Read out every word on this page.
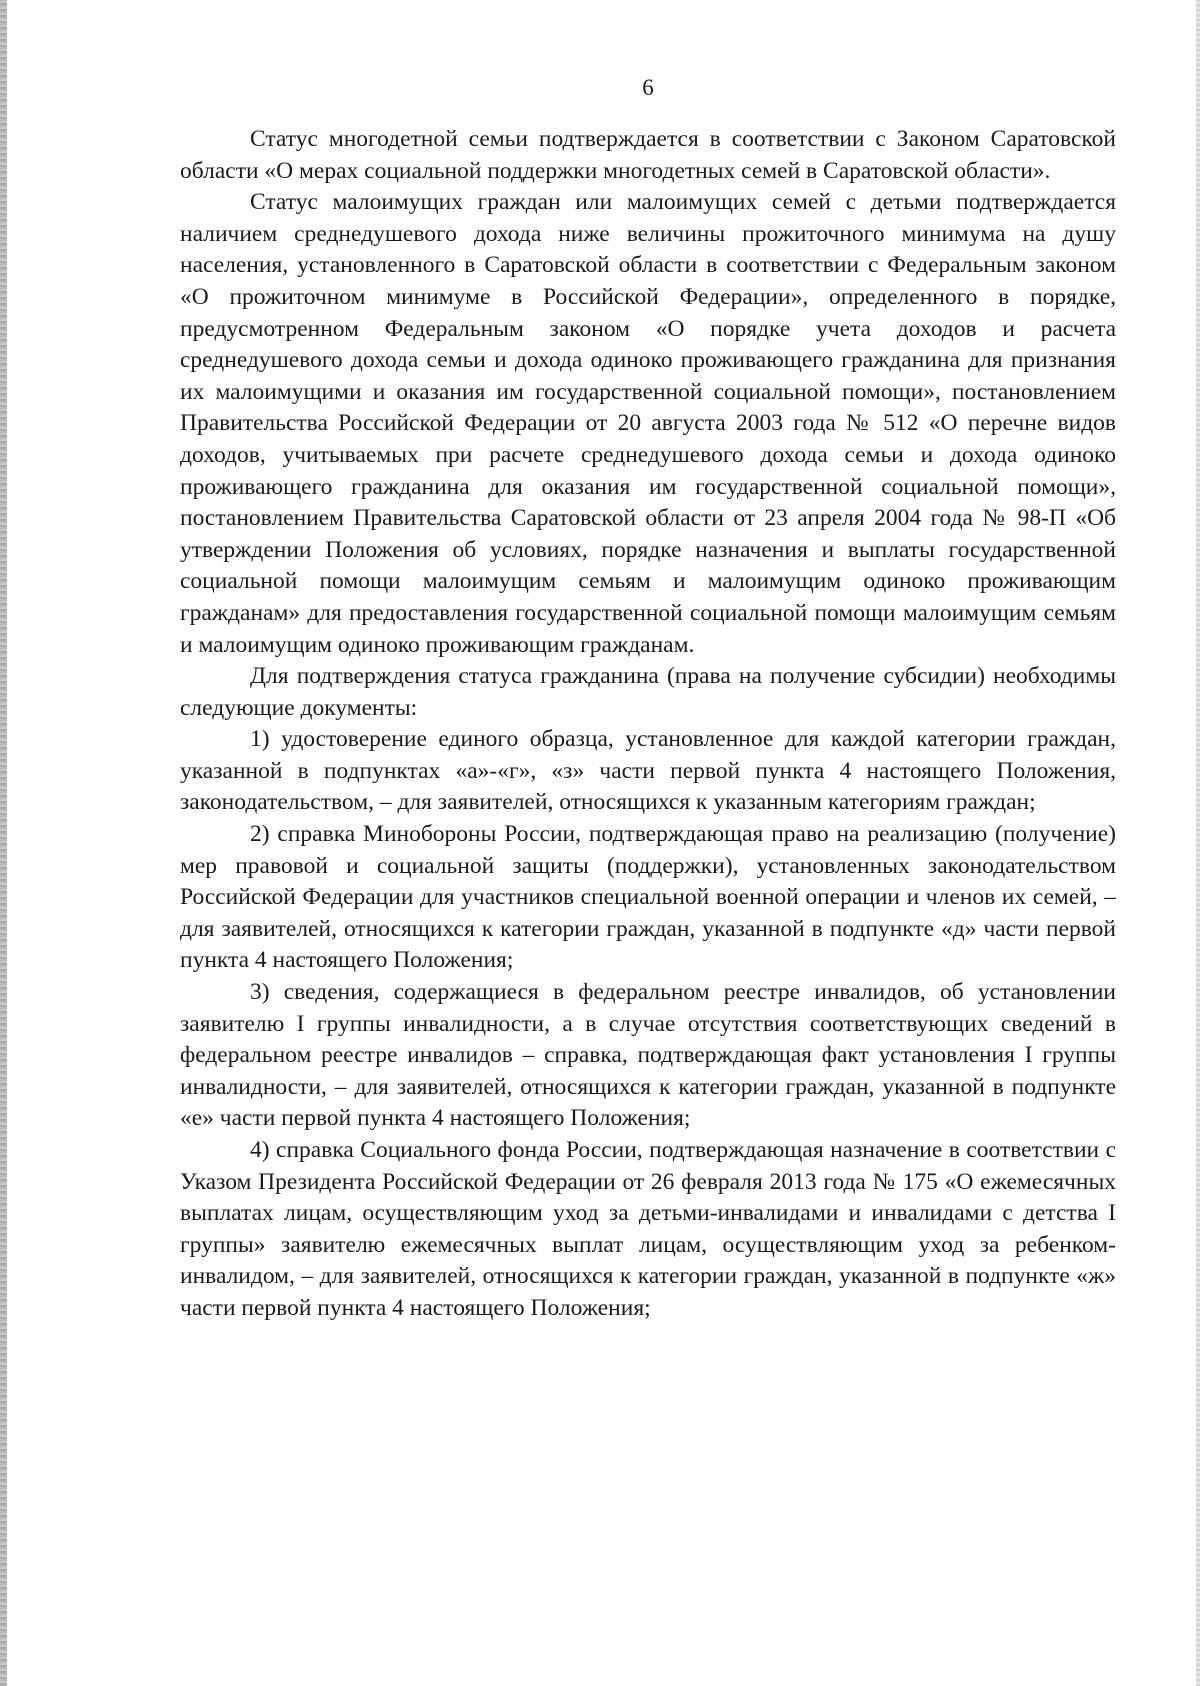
6

Статус многодетной семьи подтверждается в соответствии с Законом Саратовской области «О мерах социальной поддержки многодетных семей в Саратовской области».

Статус малоимущих граждан или малоимущих семей с детьми подтверждается наличием среднедушевого дохода ниже величины прожиточного минимума на душу населения, установленного в Саратовской области в соответствии с Федеральным законом «О прожиточном минимуме в Российской Федерации», определенного в порядке, предусмотренном Федеральным законом «О порядке учета доходов и расчета среднедушевого дохода семьи и дохода одиноко проживающего гражданина для признания их малоимущими и оказания им государственной социальной помощи», постановлением Правительства Российской Федерации от 20 августа 2003 года № 512 «О перечне видов доходов, учитываемых при расчете среднедушевого дохода семьи и дохода одиноко проживающего гражданина для оказания им государственной социальной помощи», постановлением Правительства Саратовской области от 23 апреля 2004 года № 98-П «Об утверждении Положения об условиях, порядке назначения и выплаты государственной социальной помощи малоимущим семьям и малоимущим одиноко проживающим гражданам» для предоставления государственной социальной помощи малоимущим семьям и малоимущим одиноко проживающим гражданам.

Для подтверждения статуса гражданина (права на получение субсидии) необходимы следующие документы:

1) удостоверение единого образца, установленное для каждой категории граждан, указанной в подпунктах «а»-«г», «з» части первой пункта 4 настоящего Положения, законодательством, – для заявителей, относящихся к указанным категориям граждан;

2) справка Минобороны России, подтверждающая право на реализацию (получение) мер правовой и социальной защиты (поддержки), установленных законодательством Российской Федерации для участников специальной военной операции и членов их семей, – для заявителей, относящихся к категории граждан, указанной в подпункте «д» части первой пункта 4 настоящего Положения;

3) сведения, содержащиеся в федеральном реестре инвалидов, об установлении заявителю I группы инвалидности, а в случае отсутствия соответствующих сведений в федеральном реестре инвалидов – справка, подтверждающая факт установления I группы инвалидности, – для заявителей, относящихся к категории граждан, указанной в подпункте «е» части первой пункта 4 настоящего Положения;

4) справка Социального фонда России, подтверждающая назначение в соответствии с Указом Президента Российской Федерации от 26 февраля 2013 года № 175 «О ежемесячных выплатах лицам, осуществляющим уход за детьми-инвалидами и инвалидами с детства I группы» заявителю ежемесячных выплат лицам, осуществляющим уход за ребенком-инвалидом, – для заявителей, относящихся к категории граждан, указанной в подпункте «ж» части первой пункта 4 настоящего Положения;
